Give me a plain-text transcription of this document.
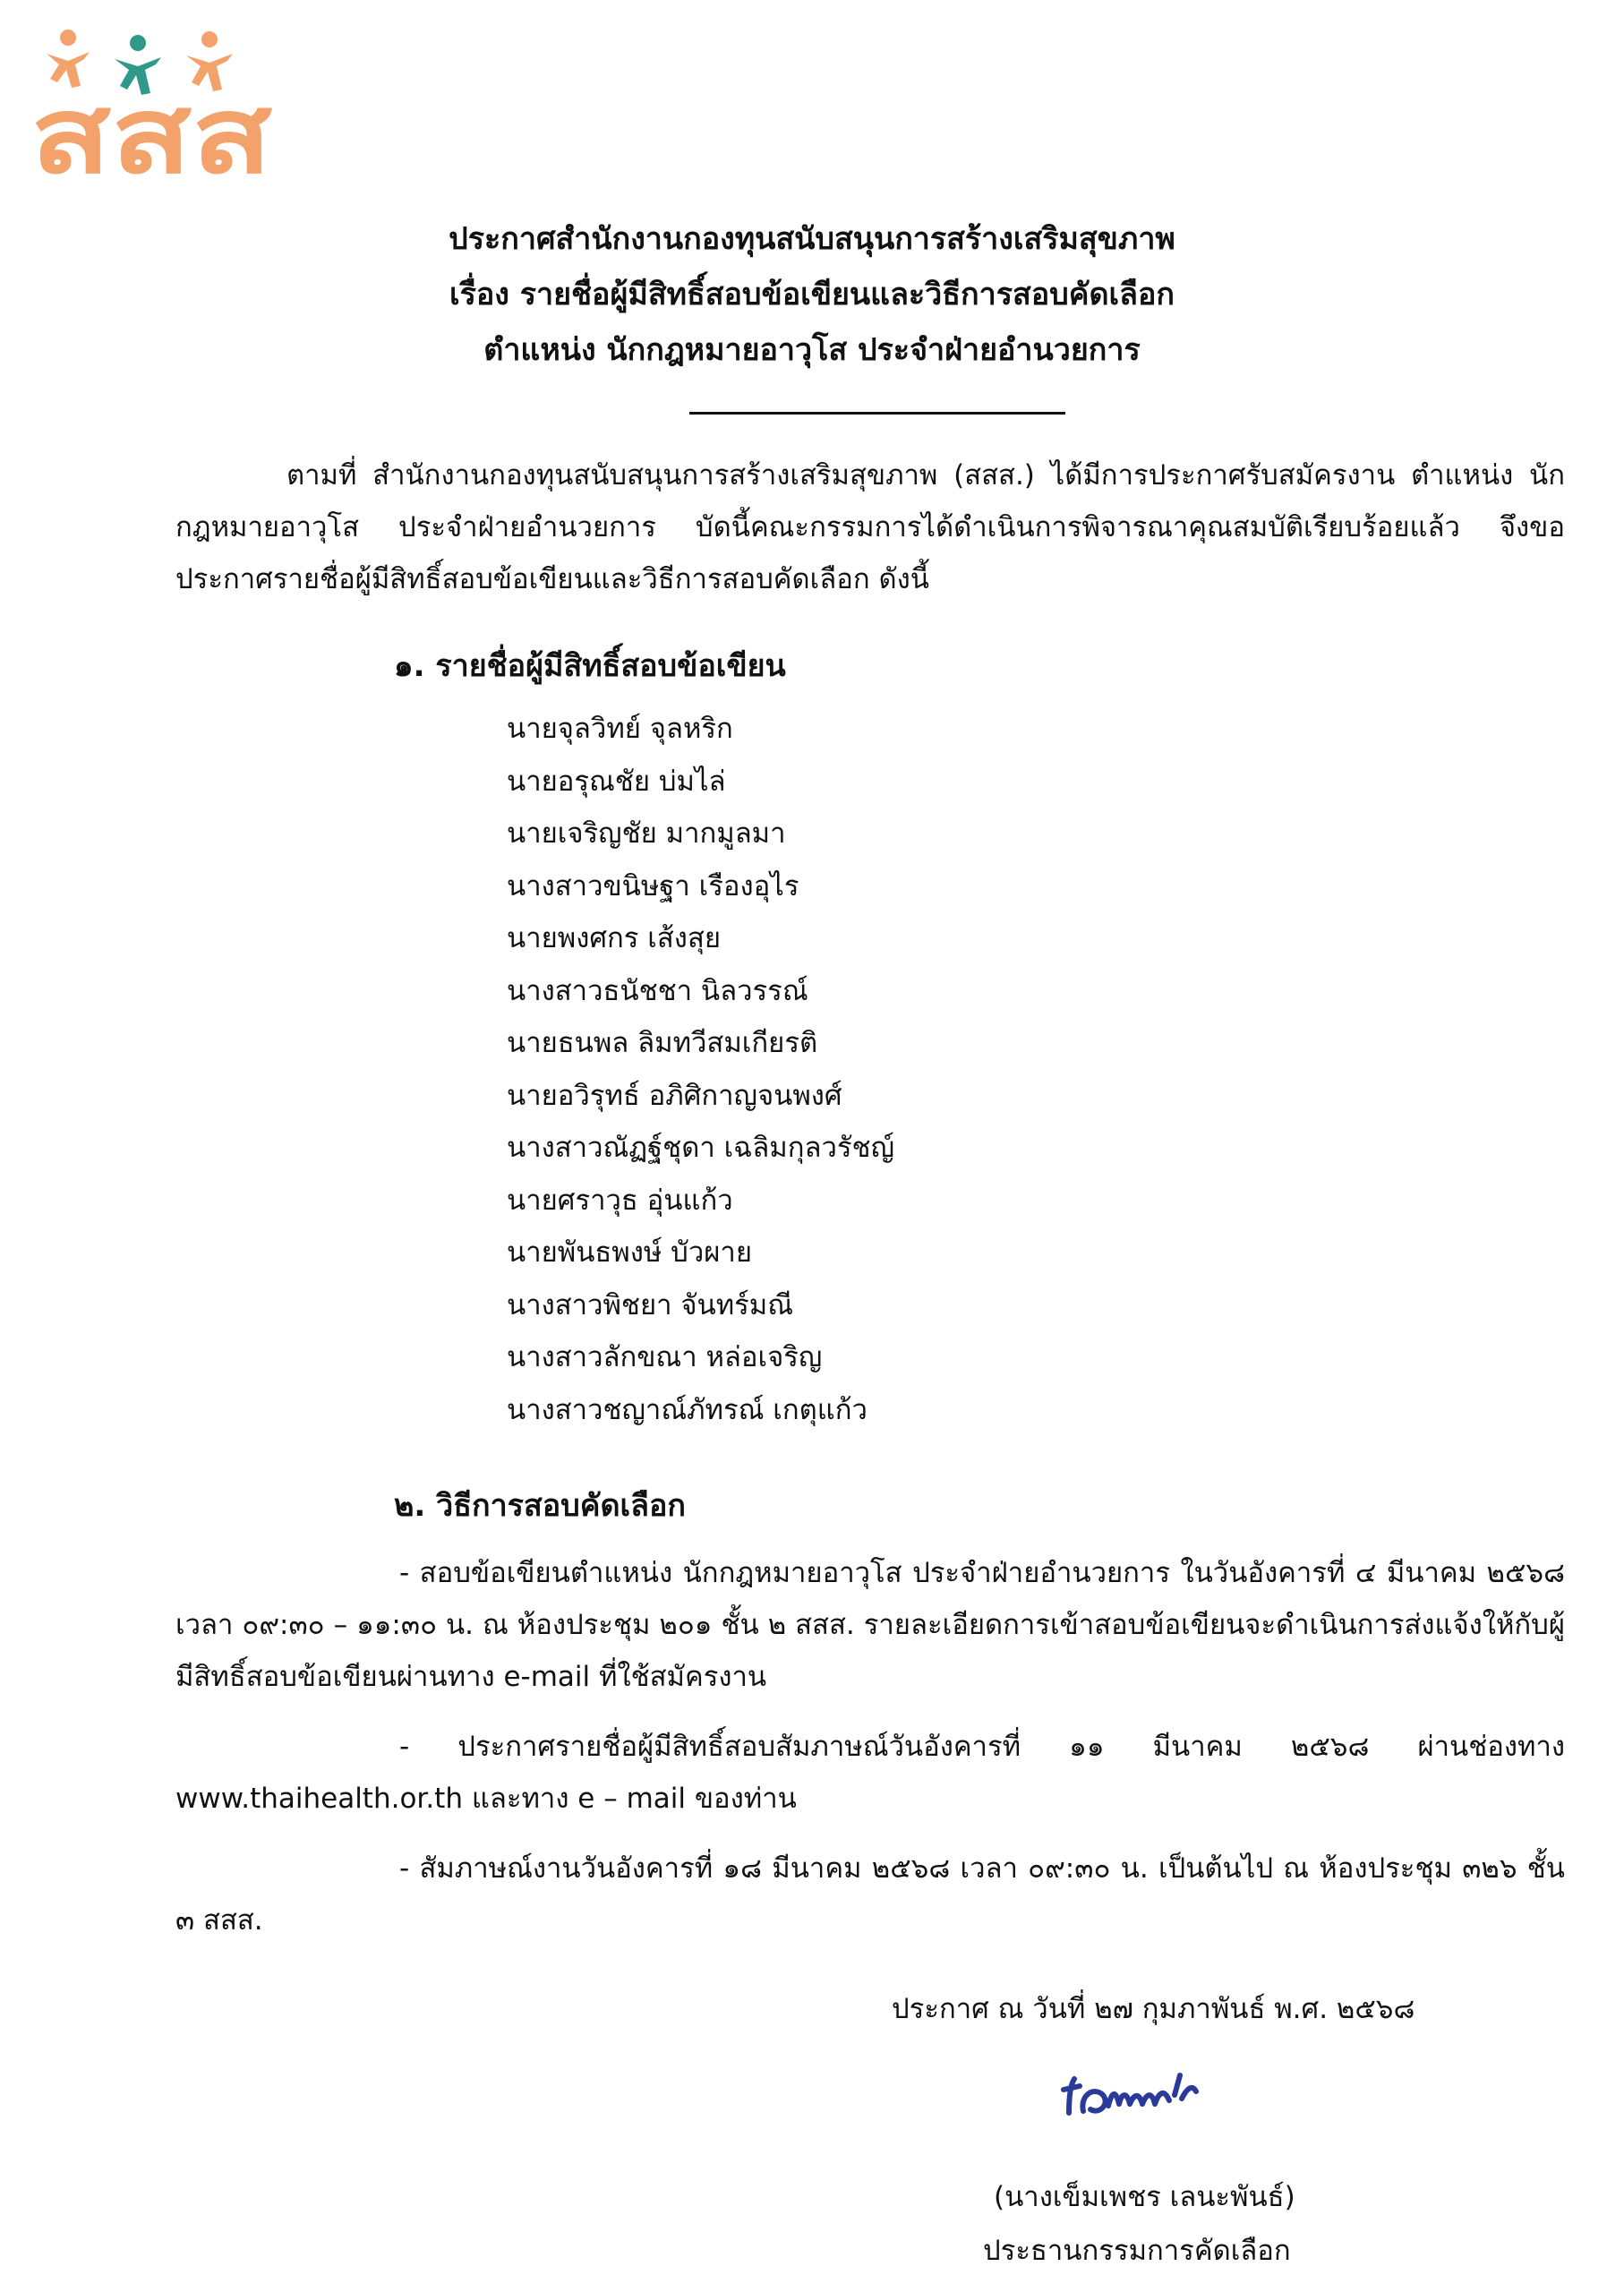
สสส

ประกาศสำนักงานกองทุนสนับสนุนการสร้างเสริมสุขภาพ

เรื่อง รายชื่อผู้มีสิทธิ์สอบข้อเขียนและวิธีการสอบคัดเลือก

ตำแหน่ง นักกฎหมายอาวุโส ประจำฝ่ายอำนวยการ

ตามที่ สำนักงานกองทุนสนับสนุนการสร้างเสริมสุขภาพ (สสส.) ได้มีการประกาศรับสมัครงาน ตำแหน่ง นักกฎหมายอาวุโส ประจำฝ่ายอำนวยการ บัดนี้คณะกรรมการได้ดำเนินการพิจารณาคุณสมบัติเรียบร้อยแล้ว จึงขอประกาศรายชื่อผู้มีสิทธิ์สอบข้อเขียนและวิธีการสอบคัดเลือก ดังนี้

๑. รายชื่อผู้มีสิทธิ์สอบข้อเขียน

นายจุลวิทย์ จุลหริก
นายอรุณชัย บ่มไล่
นายเจริญชัย มากมูลมา
นางสาวขนิษฐา เรืองอุไร
นายพงศกร เส้งสุย
นางสาวธนัชชา นิลวรรณ์
นายธนพล ลิมทวีสมเกียรติ
นายอวิรุทธ์ อภิศิกาญจนพงศ์
นางสาวณัฏฐ์ชุดา เฉลิมกุลวรัชญ์
นายศราวุธ อุ่นแก้ว
นายพันธพงษ์ บัวผาย
นางสาวพิชยา จันทร์มณี
นางสาวลักขณา หล่อเจริญ
นางสาวชญาณ์ภัทรณ์ เกตุแก้ว

๒. วิธีการสอบคัดเลือก

- สอบข้อเขียนตำแหน่ง นักกฎหมายอาวุโส ประจำฝ่ายอำนวยการ ในวันอังคารที่ ๔ มีนาคม ๒๕๖๘ เวลา ๐๙:๓๐ – ๑๑:๓๐ น. ณ ห้องประชุม ๒๐๑ ชั้น ๒ สสส. รายละเอียดการเข้าสอบข้อเขียนจะดำเนินการส่งแจ้งให้กับผู้มีสิทธิ์สอบข้อเขียนผ่านทาง e-mail ที่ใช้สมัครงาน

- ประกาศรายชื่อผู้มีสิทธิ์สอบสัมภาษณ์วันอังคารที่ ๑๑ มีนาคม ๒๕๖๘ ผ่านช่องทาง www.thaihealth.or.th และทาง e – mail ของท่าน

- สัมภาษณ์งานวันอังคารที่ ๑๘ มีนาคม ๒๕๖๘ เวลา ๐๙:๓๐ น. เป็นต้นไป ณ ห้องประชุม ๓๒๖ ชั้น ๓ สสส.

ประกาศ ณ วันที่ ๒๗ กุมภาพันธ์ พ.ศ. ๒๕๖๘

(นางเข็มเพชร เลนะพันธ์)

ประธานกรรมการคัดเลือก
